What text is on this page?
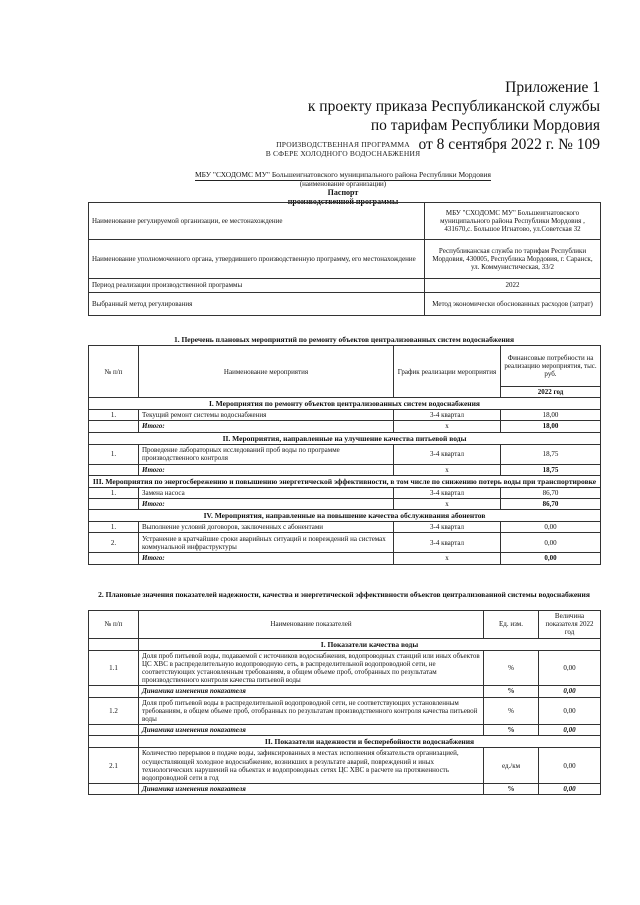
Приложение 1
к проекту приказа Республиканской службы
по тарифам Республики Мордовия
от 8 сентября 2022 г. № 109
ПРОИЗВОДСТВЕННАЯ ПРОГРАММА
В СФЕРЕ ХОЛОДНОГО ВОДОСНАБЖЕНИЯ
МБУ "СХОДОМС МУ" Большеигнатовского муниципального района Республики Мордовия
(наименование организации)
Паспорт
производственной программы
Наименование регулируемой организации, ее местонахождение	МБУ "СХОДОМС МУ" Большеигнатовского муниципального района Республики Мордовия , 431670,с. Большое Игнатово, ул.Советская 32
Наименование уполномоченного органа, утвердившего производственную программу, его местонахождение	Республиканская служба по тарифам Республики Мордовия, 430005, Республика Мордовия, г. Саранск, ул. Коммунистическая, 33/2
Период реализации производственной программы	2022
Выбранный метод регулирования	Метод экономически обоснованных расходов (затрат)
1. Перечень плановых мероприятий по ремонту объектов централизованных систем водоснабжения
№ п/п	Наименование мероприятия	График реализации мероприятия	Финансовые потребности на реализацию мероприятия, тыс. руб.
			2022 год
I. Мероприятия по ремонту объектов централизованных систем водоснабжения			
1.	Текущий ремонт системы водоснабжения	3-4 квартал	18,00
	Итого:	х	18,00
II. Мероприятия, направленные на улучшение качества питьевой воды			
1.	Проведение лабораторных исследований проб воды по программе производственного контроля	3-4 квартал	18,75
	Итого:	х	18,75
III. Мероприятия по энергосбережению и повышению энергетической эффективности, в том числе по снижению потерь воды при транспортировке			
1.	Замена насоса	3-4 квартал	86,70
	Итого:	х	86,70
IV. Мероприятия, направленные на повышение качества обслуживания абонентов			
1.	Выполнение условий договоров, заключенных с абонентами	3-4 квартал	0,00
2.	Устранение в кратчайшие сроки аварийных ситуаций и повреждений на системах коммунальной инфраструктуры	3-4 квартал	0,00
	Итого:	х	0,00
2. Плановые значения показателей надежности, качества и энергетической эффективности объектов централизованной системы водоснабжения
№ п/п	Наименование показателей	Ед. изм.	Величина показателя 2022 год
	I. Показатели качества воды		
1.1	Доля проб питьевой воды, подаваемой с источников водоснабжения, водопроводных станций или иных объектов ЦС ХВС в распределительную водопроводную сеть, в распределительной водопроводной сети, не соответствующих установленным требованиям, в общем объеме проб, отобранных по результатам производственного контроля качества питьевой воды	%	0,00
	Динамика изменения показателя	%	0,00
1.2	Доля проб питьевой воды в распределительной водопроводной сети, не соответствующих установленным требованиям, в общем объеме проб, отобранных по результатам производственного контроля качества питьевой воды	%	0,00
	Динамика изменения показателя	%	0,00
	II. Показатели надежности и бесперебойности водоснабжения		
2.1	Количество перерывов в подаче воды, зафиксированных в местах исполнения обязательств организацией, осуществляющей холодное водоснабжение, возникших в результате аварий, повреждений и иных технологических нарушений на объектах и водопроводных сетях ЦС ХВС в расчете на протяженность водопроводной сети в год	ед./км	0,00
	Динамика изменения показателя	%	0,00
